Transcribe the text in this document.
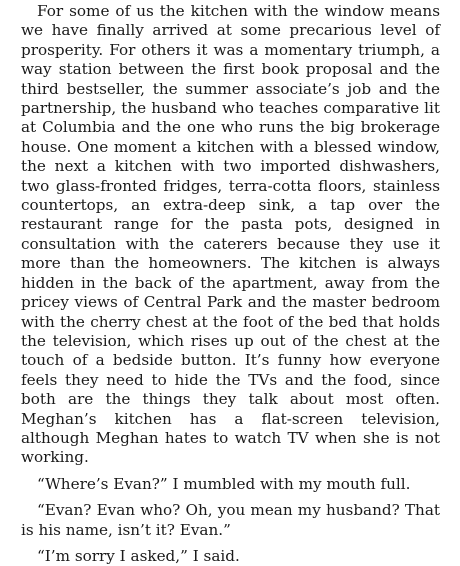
For some of us the kitchen with the window means we have finally arrived at some precarious level of prosperity. For others it was a momentary triumph, a way station between the first book proposal and the third bestseller, the summer associate’s job and the partnership, the husband who teaches comparative lit at Columbia and the one who runs the big brokerage house. One moment a kitchen with a blessed window, the next a kitchen with two imported dishwashers, two glass-fronted fridges, terra-cotta floors, stainless countertops, an extra-deep sink, a tap over the restaurant range for the pasta pots, designed in consultation with the caterers because they use it more than the homeowners. The kitchen is always hidden in the back of the apartment, away from the pricey views of Central Park and the master bedroom with the cherry chest at the foot of the bed that holds the television, which rises up out of the chest at the touch of a bedside button. It’s funny how everyone feels they need to hide the TVs and the food, since both are the things they talk about most often. Meghan’s kitchen has a flat-screen television, although Meghan hates to watch TV when she is not working.

“Where’s Evan?” I mumbled with my mouth full.

“Evan? Evan who? Oh, you mean my husband? That is his name, isn’t it? Evan.”

“I’m sorry I asked,” I said.
